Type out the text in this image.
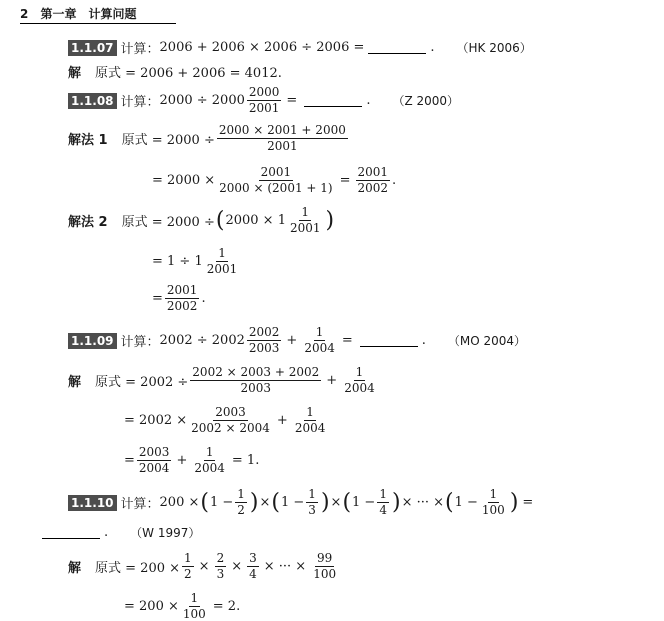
2 第一章　计算问题
1.1.07 计算： 2006 + 2006 × 2006 ÷ 2006 =	. （HK 2006）
解 原式 = 2006 + 2006 = 4012.
1.1.08 计算： $2000 \div 2000 \frac{2000}{2001}$ =	. （Z 2000）
解法 1 原式 = $2000 \div \frac{2000 \times 2001 + 2000}{2001}$
= $2000 \times \frac{2001}{2000 \times (2001 + 1)} = \frac{2001}{2002}$ .
解法 2 原式 = 2000 ÷ ( $2000 \times 1 \frac{1}{2001}$ )
= $1 \div 1 \frac{1}{2001}$
= $\frac{2001}{2002}$ .
1.1.09 计算： $2002 \div 2002 \frac{2002}{2003} + \frac{1}{2004}$ =	. （MO 2004）
解 原式 = $2002 \div \frac{2002 \times 2003 + 2002}{2003} + \frac{1}{2004}$
= $2002 \times \frac{2003}{2002 \times 2004} + \frac{1}{2004}$
= $\frac{2003}{2004} + \frac{1}{2004} = 1$.
1.1.10 计算： 200 × ( $1 - \frac{1}{2}$ ) × ( $1 - \frac{1}{3}$ ) × ( $1 - \frac{1}{4}$ ) × ··· × ( $1 - \frac{1}{100}$ ) =
. （W 1997）
解 原式 = $200 \times \frac{1}{2} \times \frac{2}{3} \times \frac{3}{4}$ × ··· × $\frac{99}{100}$
= $200 \times \frac{1}{100} = 2$.
